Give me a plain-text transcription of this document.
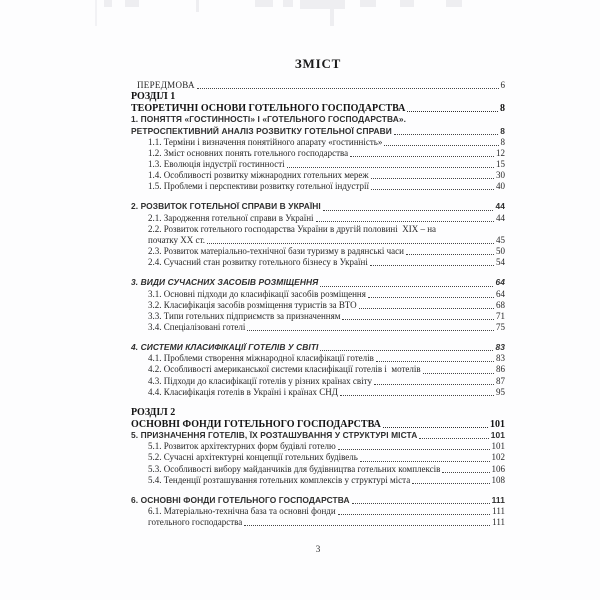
ЗМІСТ
ПЕРЕДМОВА	6
РОЗДІЛ 1
ТЕОРЕТИЧНІ ОСНОВИ ГОТЕЛЬНОГО ГОСПОДАРСТВА	8
1. ПОНЯТТЯ «ГОСТИННОСТІ» І «ГОТЕЛЬНОГО ГОСПОДАРСТВА».
РЕТРОСПЕКТИВНИЙ АНАЛІЗ РОЗВИТКУ ГОТЕЛЬНОЇ СПРАВИ	8
1.1. Терміни і визначення понятійного апарату «гостинність»	8
1.2. Зміст основних понять готельного господарства	12
1.3. Еволюція індустрії гостинності	15
1.4. Особливості розвитку міжнародних готельних мереж	30
1.5. Проблеми і перспективи розвитку готельної індустрії	40
2. РОЗВИТОК ГОТЕЛЬНОЇ СПРАВИ В УКРАЇНІ	44
2.1. Зародження готельної справи в Україні	44
2.2. Розвиток готельного господарства України в другій половині  XIX – на
початку XX ст.	45
2.3. Розвиток матеріально-технічної бази туризму в радянські часи	50
2.4. Сучасний стан розвитку готельного бізнесу в Україні	54
3. ВИДИ СУЧАСНИХ ЗАСОБІВ РОЗМІЩЕННЯ	64
3.1. Основні підходи до класифікації засобів розміщення	64
3.2. Класифікація засобів розміщення туристів за ВТО	68
3.3. Типи готельних підприємств за призначенням	71
3.4. Спеціалізовані готелі	75
4. СИСТЕМИ КЛАСИФІКАЦІЇ ГОТЕЛІВ У СВІТІ	83
4.1. Проблеми створення міжнародної класифікації готелів	83
4.2. Особливості американської системи класифікації готелів і  мотелів	86
4.3. Підходи до класифікації готелів у різних країнах світу	87
4.4. Класифікація готелів в Україні і країнах СНД	95
РОЗДІЛ 2
ОСНОВНІ ФОНДИ ГОТЕЛЬНОГО ГОСПОДАРСТВА	101
5. ПРИЗНАЧЕННЯ ГОТЕЛІВ, ЇХ РОЗТАШУВАННЯ У СТРУКТУРІ МІСТА	101
5.1. Розвиток архітектурних форм будівлі готелю	101
5.2. Сучасні архітектурні концепції готельних будівель	102
5.3. Особливості вибору майданчиків для будівництва готельних комплексів	106
5.4. Тенденції розташування готельних комплексів у структурі міста	108
6. ОСНОВНІ ФОНДИ ГОТЕЛЬНОГО ГОСПОДАРСТВА	111
6.1. Матеріально-технічна база та основні фонди	111
готельного господарства	111
3
